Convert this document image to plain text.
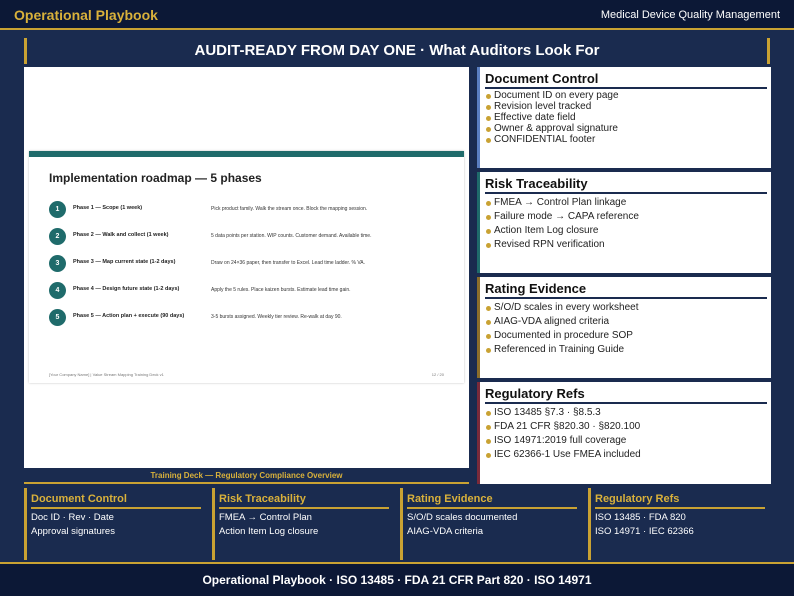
Operational Playbook	Medical Device Quality Management
AUDIT-READY FROM DAY ONE · What Auditors Look For
Implementation roadmap — 5 phases
1	Phase 1 — Scope (1 week)	Pick product family. Walk the stream once. Block the mapping session.
2	Phase 2 — Walk and collect (1 week)	5 data points per station. WIP counts. Customer demand. Available time.
3	Phase 3 — Map current state (1-2 days)	Draw on 24×36 paper, then transfer to Excel. Lead time ladder. % VA.
4	Phase 4 — Design future state (1-2 days)	Apply the 5 rules. Place kaizen bursts. Estimate lead time gain.
5	Phase 5 — Action plan + execute (90 days)	3-5 bursts assigned. Weekly tier review. Re-walk at day 90.
[Your Company Name] | Value Stream Mapping Training Deck v1	12 / 20
Training Deck — Regulatory Compliance Overview
Document Control
Document ID on every page
Revision level tracked
Effective date field
Owner & approval signature
CONFIDENTIAL footer
Risk Traceability
FMEA → Control Plan linkage
Failure mode → CAPA reference
Action Item Log closure
Revised RPN verification
Rating Evidence
S/O/D scales in every worksheet
AIAG-VDA aligned criteria
Documented in procedure SOP
Referenced in Training Guide
Regulatory Refs
ISO 13485 §7.3 · §8.5.3
FDA 21 CFR §820.30 · §820.100
ISO 14971:2019 full coverage
IEC 62366-1 Use FMEA included
Document Control
Doc ID · Rev · Date
Approval signatures
Risk Traceability
FMEA → Control Plan
Action Item Log closure
Rating Evidence
S/O/D scales documented
AIAG-VDA criteria
Regulatory Refs
ISO 13485 · FDA 820
ISO 14971 · IEC 62366
Operational Playbook · ISO 13485 · FDA 21 CFR Part 820 · ISO 14971
